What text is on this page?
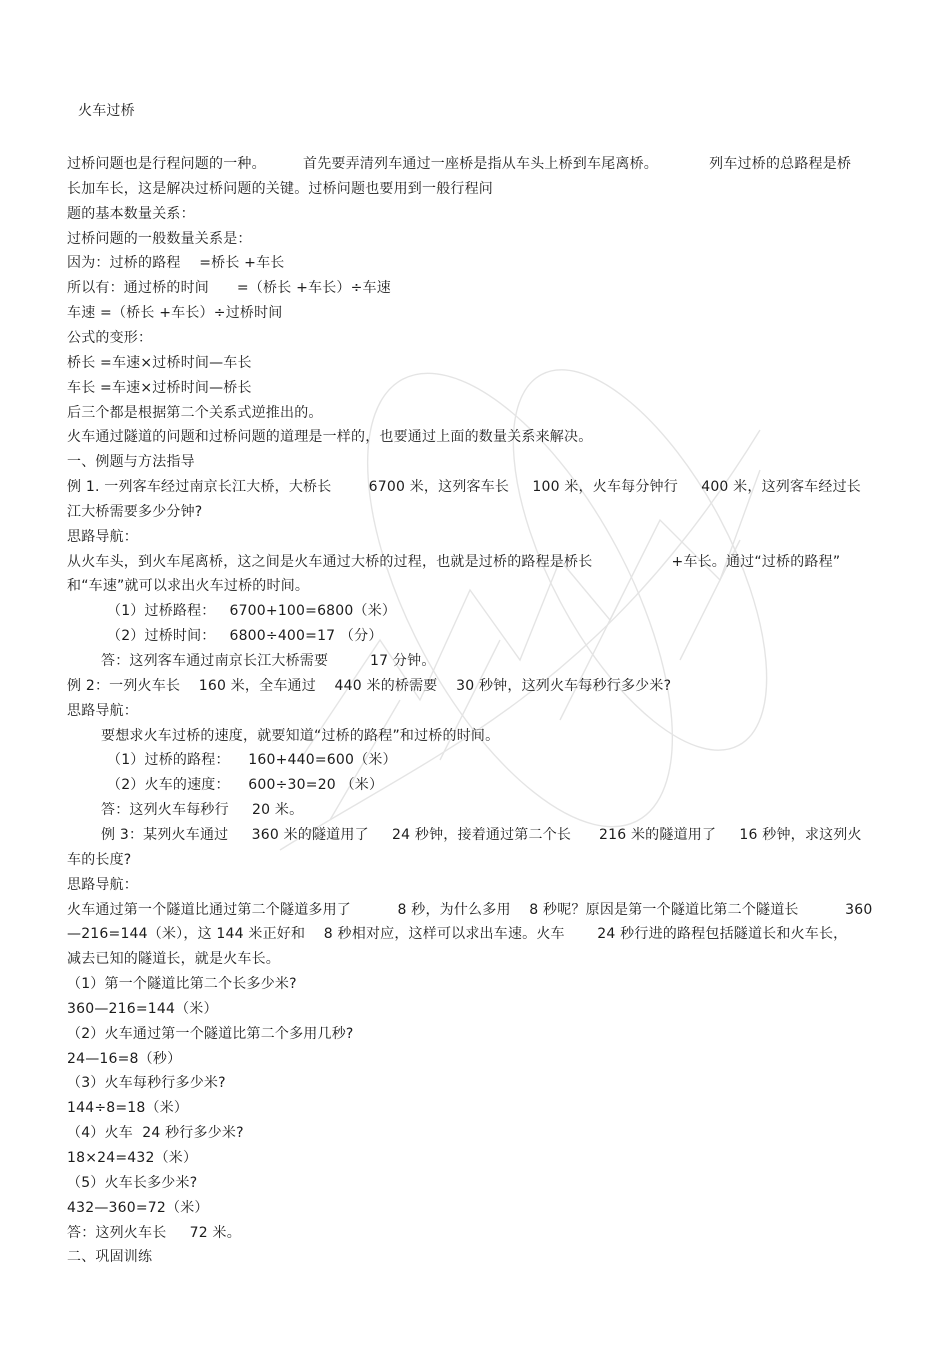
火车过桥
过桥问题也是行程问题的一种。        首先要弄清列车通过一座桥是指从车头上桥到车尾离桥。           列车过桥的总路程是桥
长加车长，这是解决过桥问题的关键。过桥问题也要用到一般行程问
题的基本数量关系：
过桥问题的一般数量关系是：
因为：过桥的路程    =桥长 +车长
所以有：通过桥的时间      =（桥长 +车长）÷车速
车速 =（桥长 +车长）÷过桥时间
公式的变形：
桥长 =车速×过桥时间—车长
车长 =车速×过桥时间—桥长
后三个都是根据第二个关系式逆推出的。
火车通过隧道的问题和过桥问题的道理是一样的，也要通过上面的数量关系来解决。
一、例题与方法指导
例 1. 一列客车经过南京长江大桥，大桥长        6700 米，这列客车长     100 米，火车每分钟行     400 米，这列客车经过长
江大桥需要多少分钟?
思路导航：
从火车头，到火车尾离桥，这之间是火车通过大桥的过程，也就是过桥的路程是桥长                 +车长。通过“过桥的路程”
和“车速”就可以求出火车过桥的时间。
（1）过桥路程：   6700+100=6800（米）
（2）过桥时间：   6800÷400=17 （分）
答：这列客车通过南京长江大桥需要         17 分钟。
例 2：一列火车长    160 米，全车通过    440 米的桥需要    30 秒钟，这列火车每秒行多少米?
思路导航：
要想求火车过桥的速度，就要知道“过桥的路程”和过桥的时间。
（1）过桥的路程：    160+440=600（米）
（2）火车的速度：    600÷30=20 （米）
答：这列火车每秒行     20 米。
例 3：某列火车通过     360 米的隧道用了     24 秒钟，接着通过第二个长      216 米的隧道用了     16 秒钟，求这列火
车的长度?
思路导航：
火车通过第一个隧道比通过第二个隧道多用了          8 秒，为什么多用    8 秒呢？原因是第一个隧道比第二个隧道长          360
—216=144（米），这 144 米正好和    8 秒相对应，这样可以求出车速。火车       24 秒行进的路程包括隧道长和火车长，
减去已知的隧道长，就是火车长。
（1）第一个隧道比第二个长多少米?
360—216=144（米）
（2）火车通过第一个隧道比第二个多用几秒?
24—16=8（秒）
（3）火车每秒行多少米?
144÷8=18（米）
（4）火车  24 秒行多少米?
18×24=432（米）
（5）火车长多少米?
432—360=72（米）
答：这列火车长     72 米。
二、巩固训练
